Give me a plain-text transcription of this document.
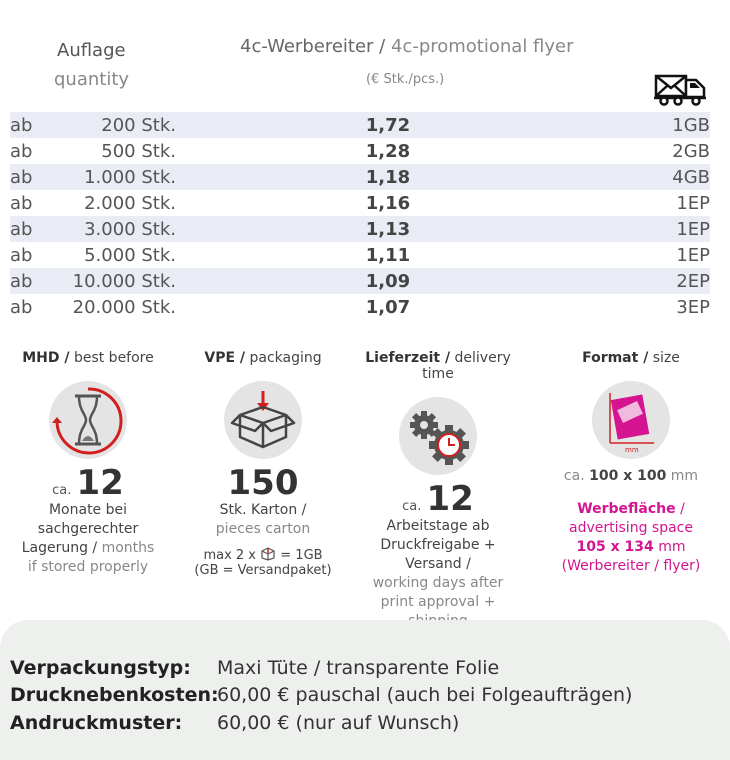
Auflage
quantity
4c-Werbereiter / 4c-promotional flyer
(€ Stk./pcs.)
ab	200 Stk.	1,72	1GB
ab	500 Stk.	1,28	2GB
ab	1.000 Stk.	1,18	4GB
ab	2.000 Stk.	1,16	1EP
ab	3.000 Stk.	1,13	1EP
ab	5.000 Stk.	1,11	1EP
ab	10.000 Stk.	1,09	2EP
ab	20.000 Stk.	1,07	3EP
MHD / best before
ca. 12
Monate bei
sachgerechter
Lagerung / months
if stored properly
VPE / packaging
150
Stk. Karton /
pieces carton
max 2 x  = 1GB
(GB = Versandpaket)
Lieferzeit / delivery time
ca. 12
Arbeitstage ab
Druckfreigabe + Versand /
working days after
print approval +
Format / size
mm
ca. 100 x 100 mm
Werbefläche /
advertising space
105 x 134 mm
(Werbereiter / flyer)
Verpackungstyp: Maxi Tüte / transparente Folie
Drucknebenkosten:60,00 € pauschal (auch bei Folgeaufträgen)
Andruckmuster: 60,00 € (nur auf Wunsch)
